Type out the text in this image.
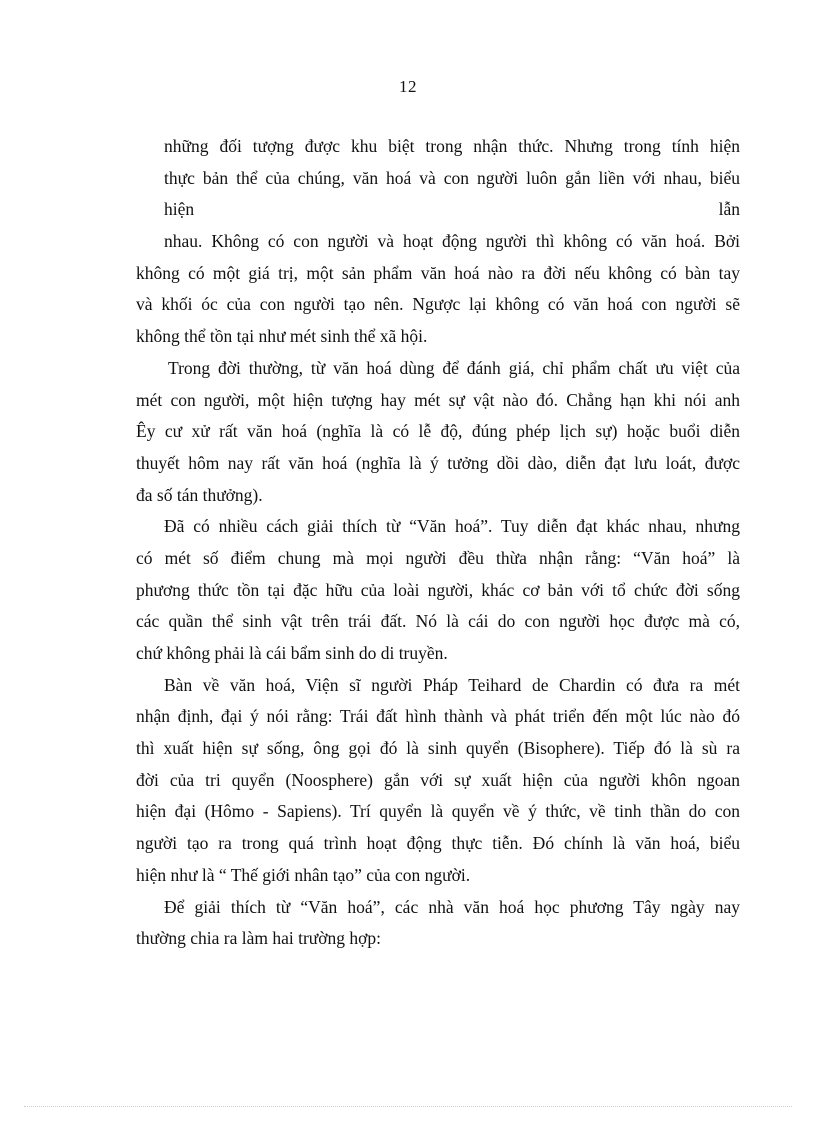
12
những đối tượng được khu biệt trong nhận thức. Nhưng trong tính hiện
thực bản thể của chúng, văn hoá và con người luôn gắn liền với nhau, biểu
hiện	lẫn
nhau. Không có con người và hoạt động người thì không có văn hoá. Bởi
không có một giá trị, một sản phẩm văn hoá nào ra đời nếu không có bàn tay
và khối óc của con người tạo nên. Ngược lại không có văn hoá con người sẽ
không thể tồn tại như mét sinh thể xã hội.
Trong đời thường, từ văn hoá dùng để đánh giá, chỉ phẩm chất ưu việt của
mét con người, một hiện tượng hay mét sự vật nào đó. Chẳng hạn khi nói anh
Êy cư xử rất văn hoá (nghĩa là có lễ độ, đúng phép lịch sự) hoặc buổi diễn
thuyết hôm nay rất văn hoá (nghĩa là ý tưởng dồi dào, diễn đạt lưu loát, được
đa số tán thưởng).
Đã có nhiều cách giải thích từ “Văn hoá”. Tuy diễn đạt khác nhau, nhưng
có mét số điểm chung mà mọi người đều thừa nhận rằng: “Văn hoá” là
phương thức tồn tại đặc hữu của loài người, khác cơ bản với tổ chức đời sống
các quần thể sinh vật trên trái đất. Nó là cái do con người học được mà có,
chứ không phải là cái bẩm sinh do di truyền.
Bàn về văn hoá, Viện sĩ người Pháp Teihard de Chardin có đưa ra mét
nhận định, đại ý nói rằng: Trái đất hình thành và phát triển đến một lúc nào đó
thì xuất hiện sự sống, ông gọi đó là sinh quyển (Bisophere). Tiếp đó là sù ra
đời của tri quyển (Noosphere) gắn với sự xuất hiện của người khôn ngoan
hiện đại (Hômo - Sapiens). Trí quyển là quyển về ý thức, về tinh thần do con
người tạo ra trong quá trình hoạt động thực tiễn. Đó chính là văn hoá, biểu
hiện như là “ Thế giới nhân tạo” của con người.
Để giải thích từ “Văn hoá”, các nhà văn hoá học phương Tây ngày nay
thường chia ra làm hai trường hợp:
